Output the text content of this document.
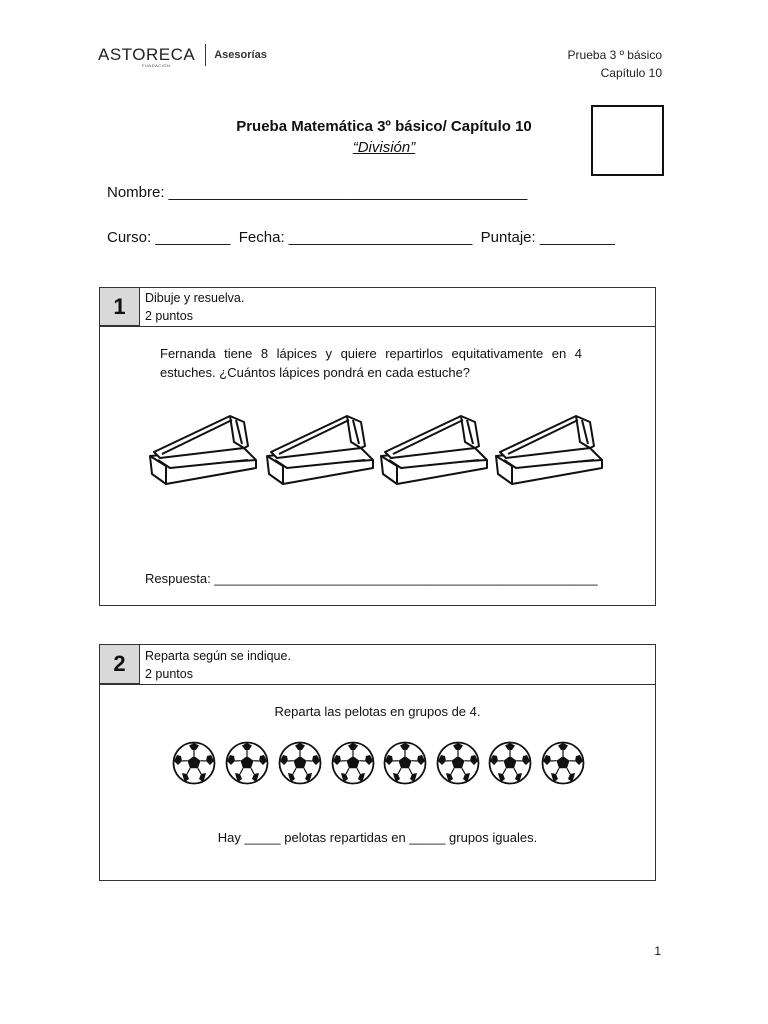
ASTORECA
FUNDACIÓN
Asesorías	Prueba 3 º básico
Capítulo 10
Prueba Matemática 3º básico/ Capítulo 10
“División”
Nombre: ___________________________________________
Curso: _________  Fecha: ______________________  Puntaje: _________
1	Dibuje y resuelva.
2 puntos
Fernanda tiene 8 lápices y quiere repartirlos equitativamente en 4 estuches. ¿Cuántos lápices pondrá en cada estuche?
Respuesta: _____________________________________________________
2	Reparta según se indique.
2 puntos
Reparta las pelotas en grupos de 4.
Hay _____ pelotas repartidas en _____ grupos iguales.
1
